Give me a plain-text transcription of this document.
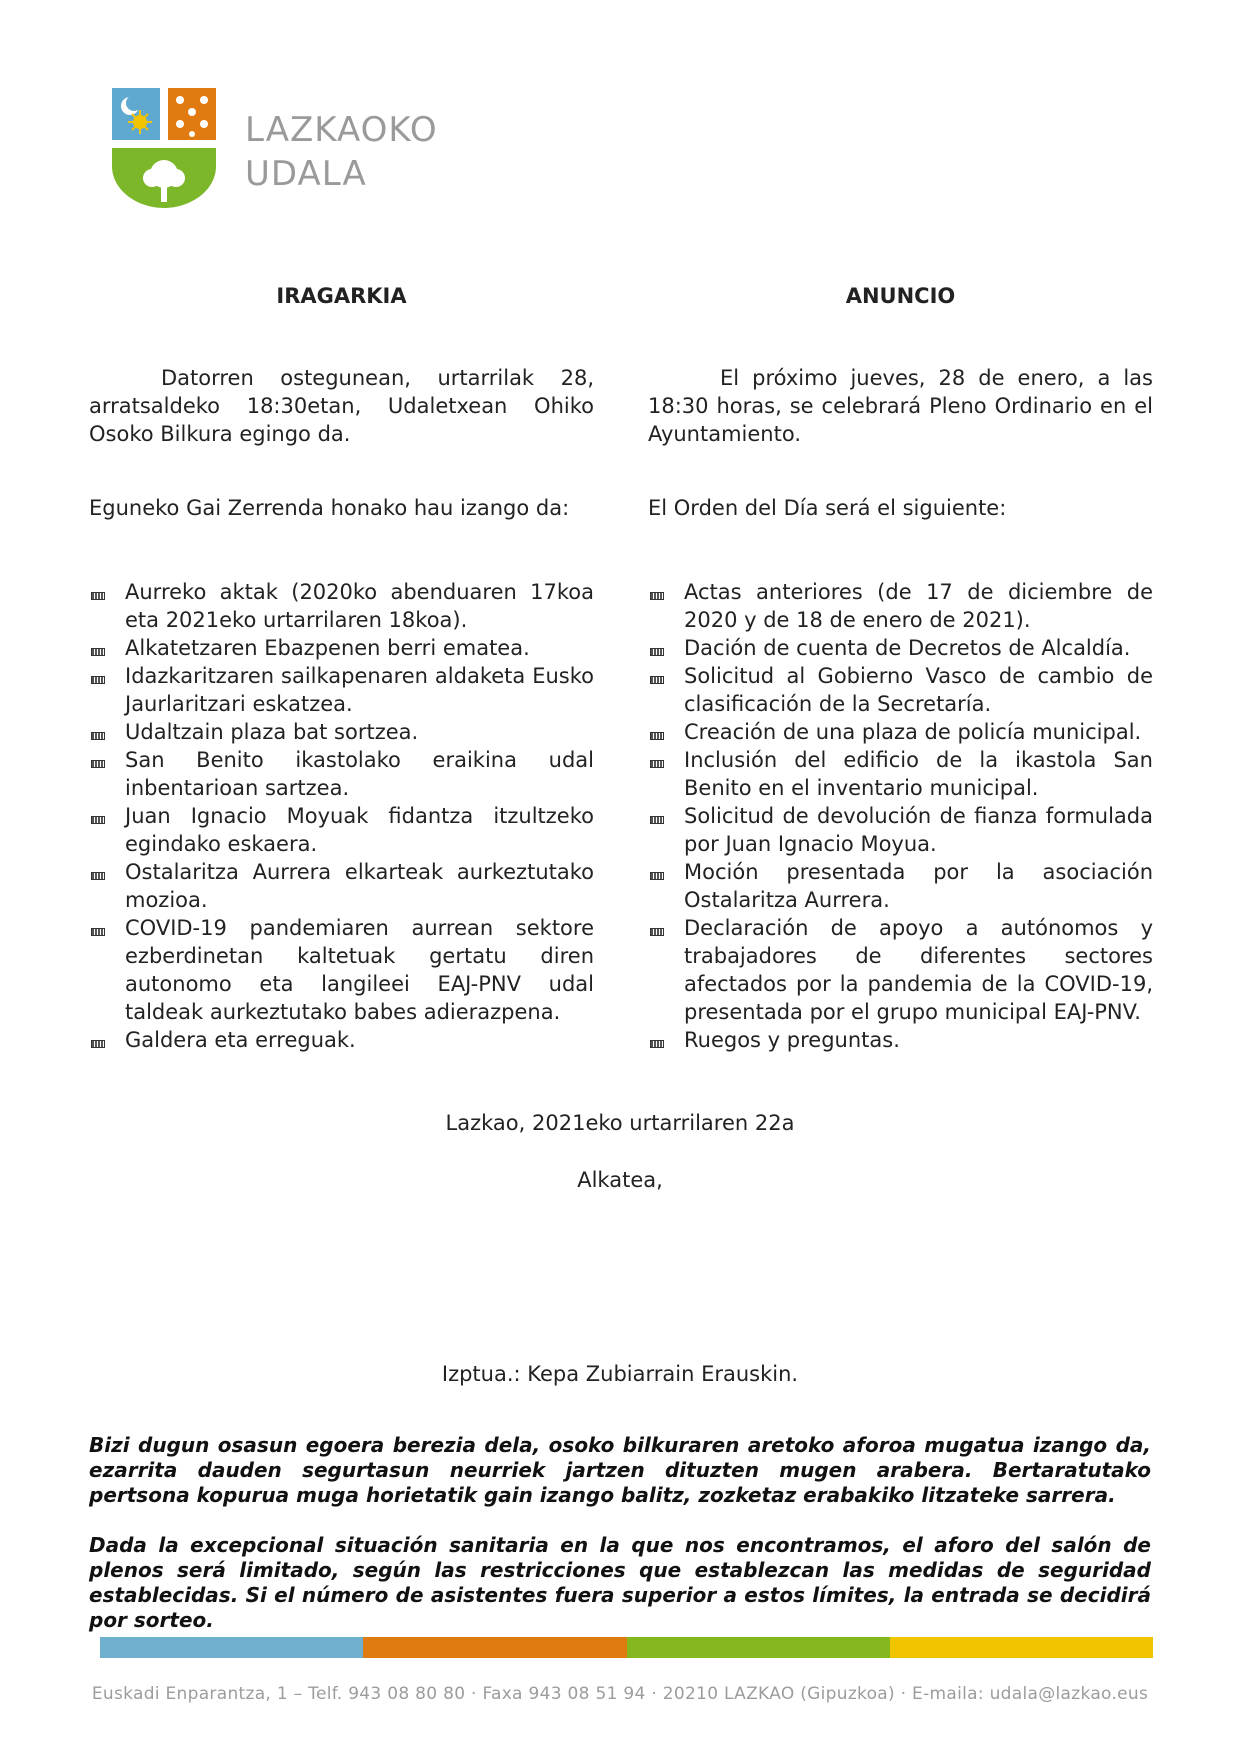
LAZKAOKO
UDALA
IRAGARKIA

Datorren ostegunean, urtarrilak 28, arratsaldeko 18:30etan, Udaletxean Ohiko Osoko Bilkura egingo da.

Eguneko Gai Zerrenda honako hau izango da:

Aurreko aktak (2020ko abenduaren 17koa eta 2021eko urtarrilaren 18koa).
Alkatetzaren Ebazpenen berri ematea.
Idazkaritzaren sailkapenaren aldaketa Eusko Jaurlaritzari eskatzea.
Udaltzain plaza bat sortzea.
San Benito ikastolako eraikina udal inbentarioan sartzea.
Juan Ignacio Moyuak fidantza itzultzeko egindako eskaera.
Ostalaritza Aurrera elkarteak aurkeztutako mozioa.
COVID-19 pandemiaren aurrean sektore ezberdinetan kaltetuak gertatu diren autonomo eta langileei EAJ-PNV udal taldeak aurkeztutako babes adierazpena.
Galdera eta erreguak.
ANUNCIO

El próximo jueves, 28 de enero, a las 18:30 horas, se celebrará Pleno Ordinario en el Ayuntamiento.

El Orden del Día será el siguiente:

Actas anteriores (de 17 de diciembre de 2020 y de 18 de enero de 2021).
Dación de cuenta de Decretos de Alcaldía.
Solicitud al Gobierno Vasco de cambio de clasificación de la Secretaría.
Creación de una plaza de policía municipal.
Inclusión del edificio de la ikastola San Benito en el inventario municipal.
Solicitud de devolución de fianza formulada por Juan Ignacio Moyua.
Moción presentada por la asociación Ostalaritza Aurrera.
Declaración de apoyo a autónomos y trabajadores de diferentes sectores afectados por la pandemia de la COVID-19, presentada por el grupo municipal EAJ-PNV.
Ruegos y preguntas.
Lazkao, 2021eko urtarrilaren 22a
Alkatea,
Izptua.: Kepa Zubiarrain Erauskin.

Bizi dugun osasun egoera berezia dela, osoko bilkuraren aretoko aforoa mugatua izango da, ezarrita dauden segurtasun neurriek jartzen dituzten mugen arabera. Bertaratutako pertsona kopurua muga horietatik gain izango balitz, zozketaz erabakiko litzateke sarrera.

Dada la excepcional situación sanitaria en la que nos encontramos, el aforo del salón de plenos será limitado, según las restricciones que establezcan las medidas de seguridad establecidas. Si el número de asistentes fuera superior a estos límites, la entrada se decidirá por sorteo.

Euskadi Enparantza, 1 – Telf. 943 08 80 80 · Faxa 943 08 51 94 · 20210 LAZKAO (Gipuzkoa) · E-maila: udala@lazkao.eus
